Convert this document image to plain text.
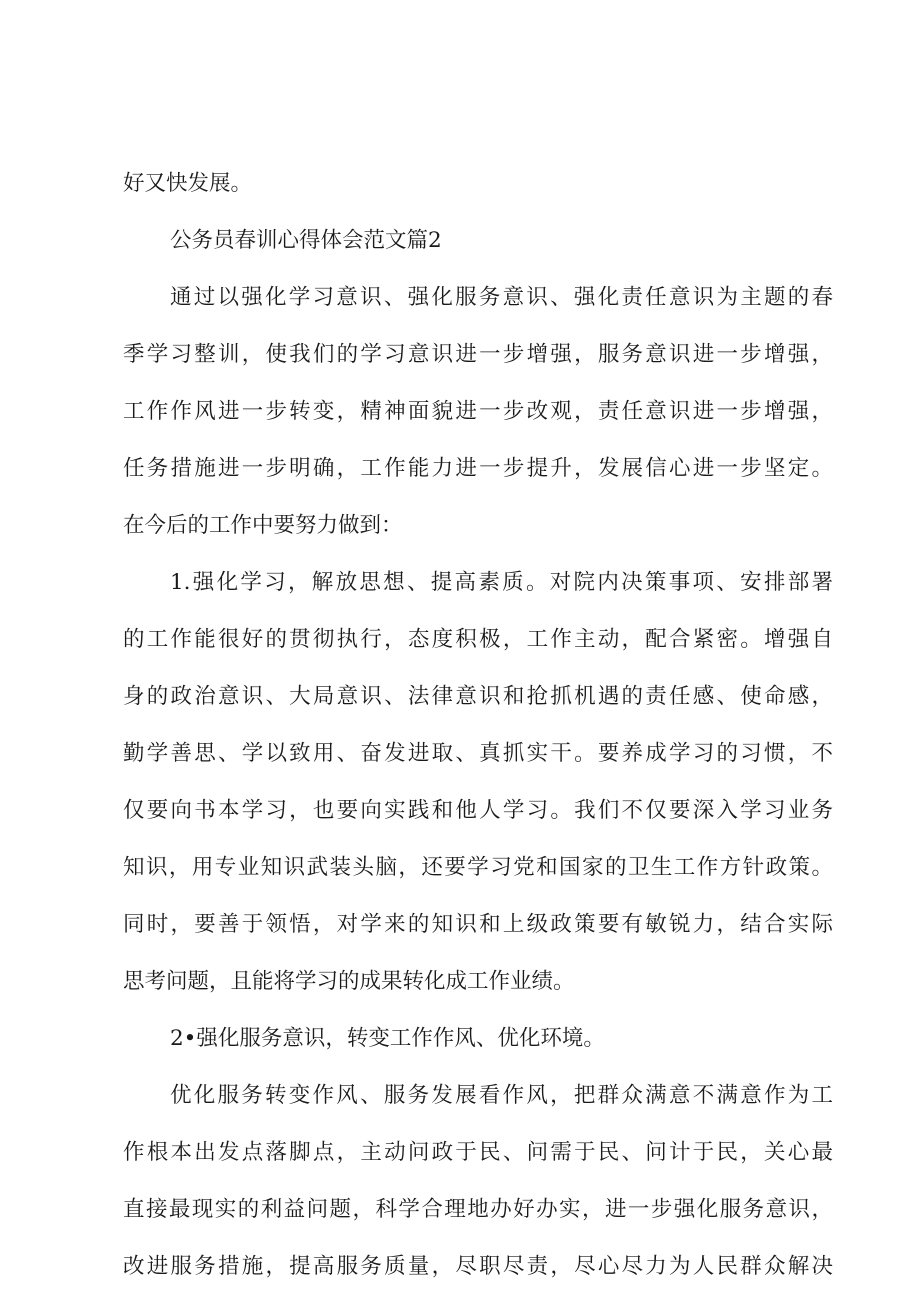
好又快发展。
公务员春训心得体会范文篇2
通过以强化学习意识、强化服务意识、强化责任意识为主题的春
季学习整训，使我们的学习意识进一步增强，服务意识进一步增强，
工作作风进一步转变，精神面貌进一步改观，责任意识进一步增强，
任务措施进一步明确，工作能力进一步提升，发展信心进一步坚定。
在今后的工作中要努力做到：
1.强化学习，解放思想、提高素质。对院内决策事项、安排部署
的工作能很好的贯彻执行，态度积极，工作主动，配合紧密。增强自
身的政治意识、大局意识、法律意识和抢抓机遇的责任感、使命感，
勤学善思、学以致用、奋发进取、真抓实干。要养成学习的习惯，不
仅要向书本学习，也要向实践和他人学习。我们不仅要深入学习业务
知识，用专业知识武装头脑，还要学习党和国家的卫生工作方针政策。
同时，要善于领悟，对学来的知识和上级政策要有敏锐力，结合实际
思考问题，且能将学习的成果转化成工作业绩。
2•强化服务意识，转变工作作风、优化环境。
优化服务转变作风、服务发展看作风，把群众满意不满意作为工
作根本出发点落脚点，主动问政于民、问需于民、问计于民，关心最
直接最现实的利益问题，科学合理地办好办实，进一步强化服务意识，
改进服务措施，提高服务质量，尽职尽责，尽心尽力为人民群众解决
